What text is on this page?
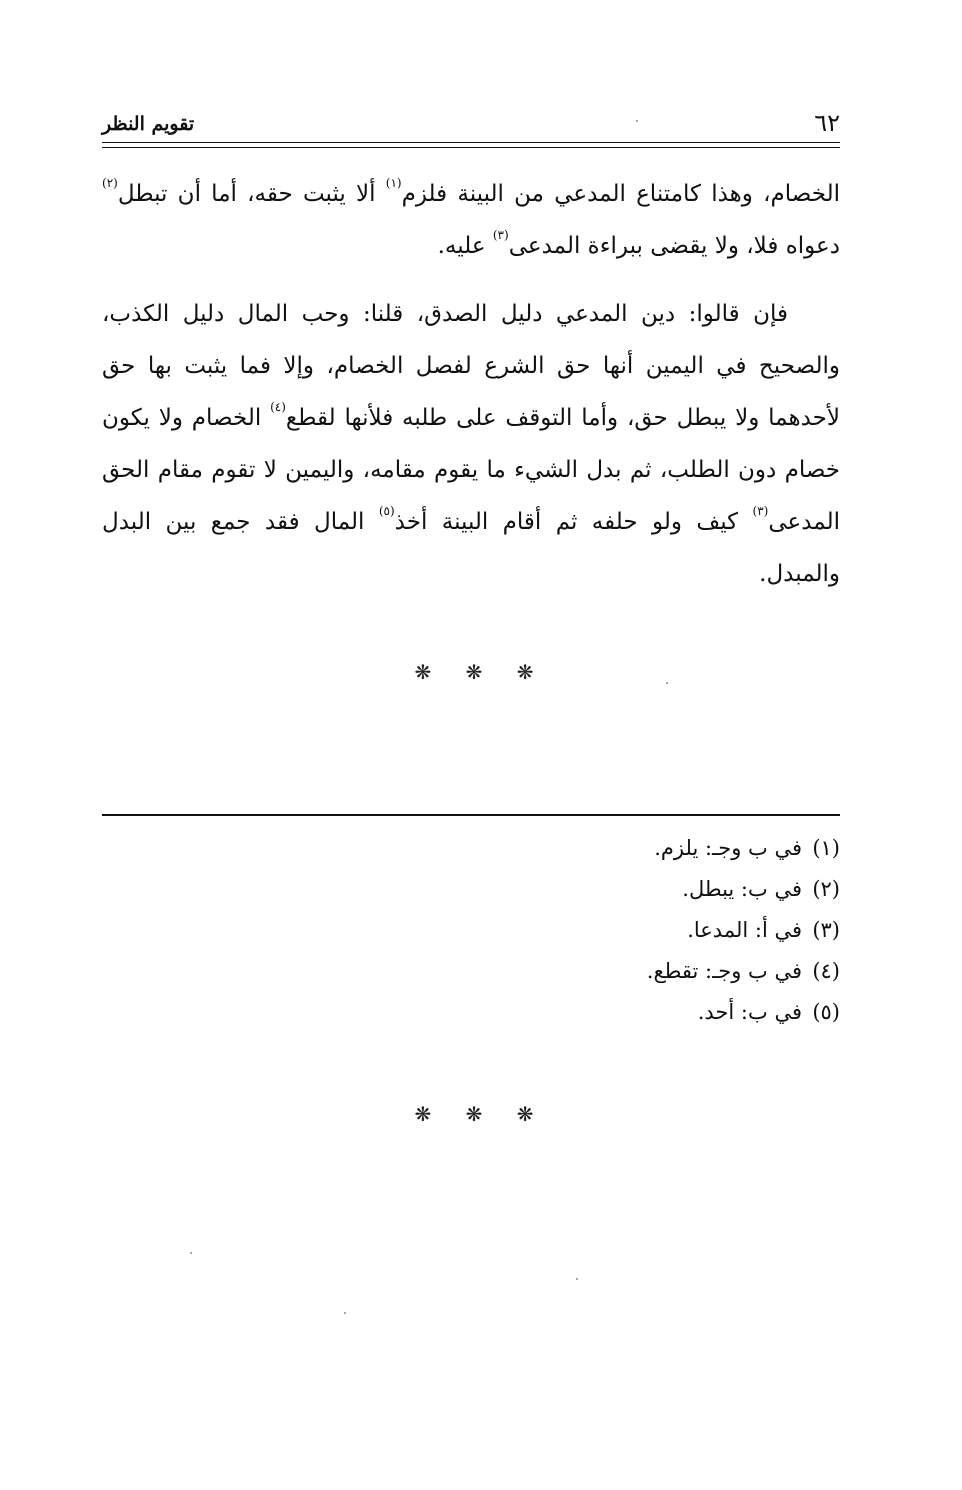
٦٢
تقويم النظر

الخصام، وهذا كامتناع المدعي من البينة فلزم$^{(١)}$ ألا يثبت حقه، أما أن تبطل$^{(٢)}$ دعواه فلا، ولا يقضى ببراءة المدعى$^{(٣)}$ عليه.

فإن قالوا: دين المدعي دليل الصدق، قلنا: وحب المال دليل الكذب، والصحيح في اليمين أنها حق الشرع لفصل الخصام، وإلا فما يثبت بها حق لأحدهما ولا يبطل حق، وأما التوقف على طلبه فلأنها لقطع$^{(٤)}$ الخصام ولا يكون خصام دون الطلب، ثم بدل الشيء ما يقوم مقامه، واليمين لا تقوم مقام الحق المدعى$^{(٣)}$ كيف ولو حلفه ثم أقام البينة أخذ$^{(٥)}$ المال فقد جمع بين البدل والمبدل.

❋ ❋ ❋
(١)في ب وجـ: يلزم.
(٢)في ب: يبطل.
(٣)في أ: المدعا.
(٤)في ب وجـ: تقطع.
(٥)في ب: أحد.
❋ ❋ ❋
